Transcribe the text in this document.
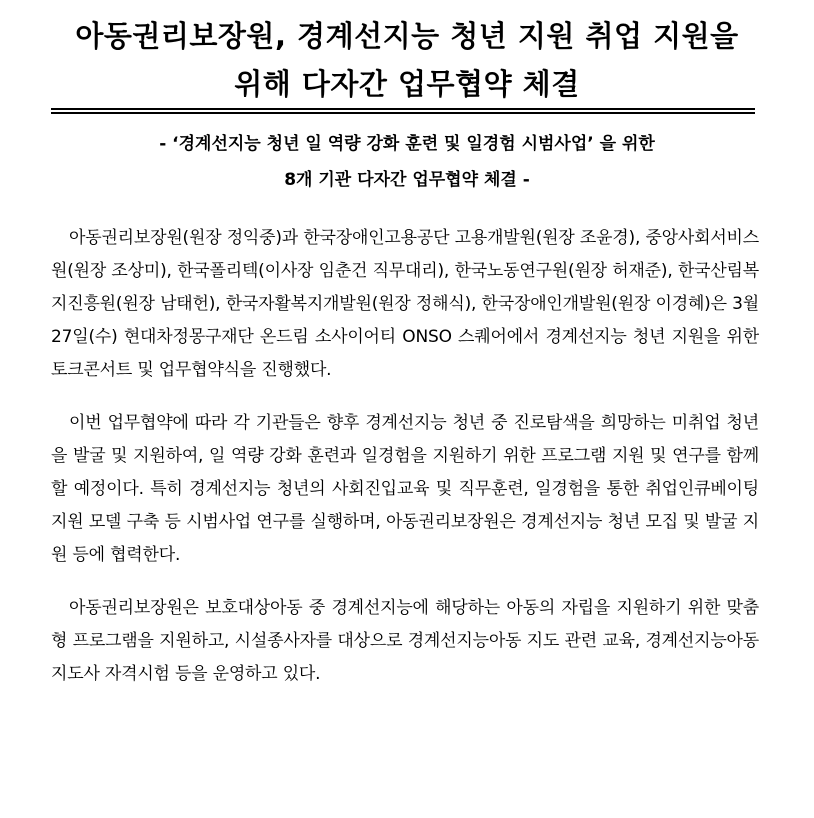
아동권리보장원, 경계선지능 청년 지원 취업 지원을
위해 다자간 업무협약 체결
- ‘경계선지능 청년 일 역량 강화 훈련 및 일경험 시범사업’ 을 위한
8개 기관 다자간 업무협약 체결 -

아동권리보장원(원장 정익중)과 한국장애인고용공단 고용개발원(원장 조윤경), 중앙사회서비스원(원장 조상미), 한국폴리텍(이사장 임춘건 직무대리), 한국노동연구원(원장 허재준), 한국산림복지진흥원(원장 남태헌), 한국자활복지개발원(원장 정해식), 한국장애인개발원(원장 이경혜)은 3월 27일(수) 현대차정몽구재단 온드림 소사이어티 ONSO 스퀘어에서 경계선지능 청년 지원을 위한 토크콘서트 및 업무협약식을 진행했다.

이번 업무협약에 따라 각 기관들은 향후 경계선지능 청년 중 진로탐색을 희망하는 미취업 청년을 발굴 및 지원하여, 일 역량 강화 훈련과 일경험을 지원하기 위한 프로그램 지원 및 연구를 함께할 예정이다. 특히 경계선지능 청년의 사회진입교육 및 직무훈련, 일경험을 통한 취업인큐베이팅 지원 모델 구축 등 시범사업 연구를 실행하며, 아동권리보장원은 경계선지능 청년 모집 및 발굴 지원 등에 협력한다.

아동권리보장원은 보호대상아동 중 경계선지능에 해당하는 아동의 자립을 지원하기 위한 맞춤형 프로그램을 지원하고, 시설종사자를 대상으로 경계선지능아동 지도 관련 교육, 경계선지능아동지도사 자격시험 등을 운영하고 있다.
